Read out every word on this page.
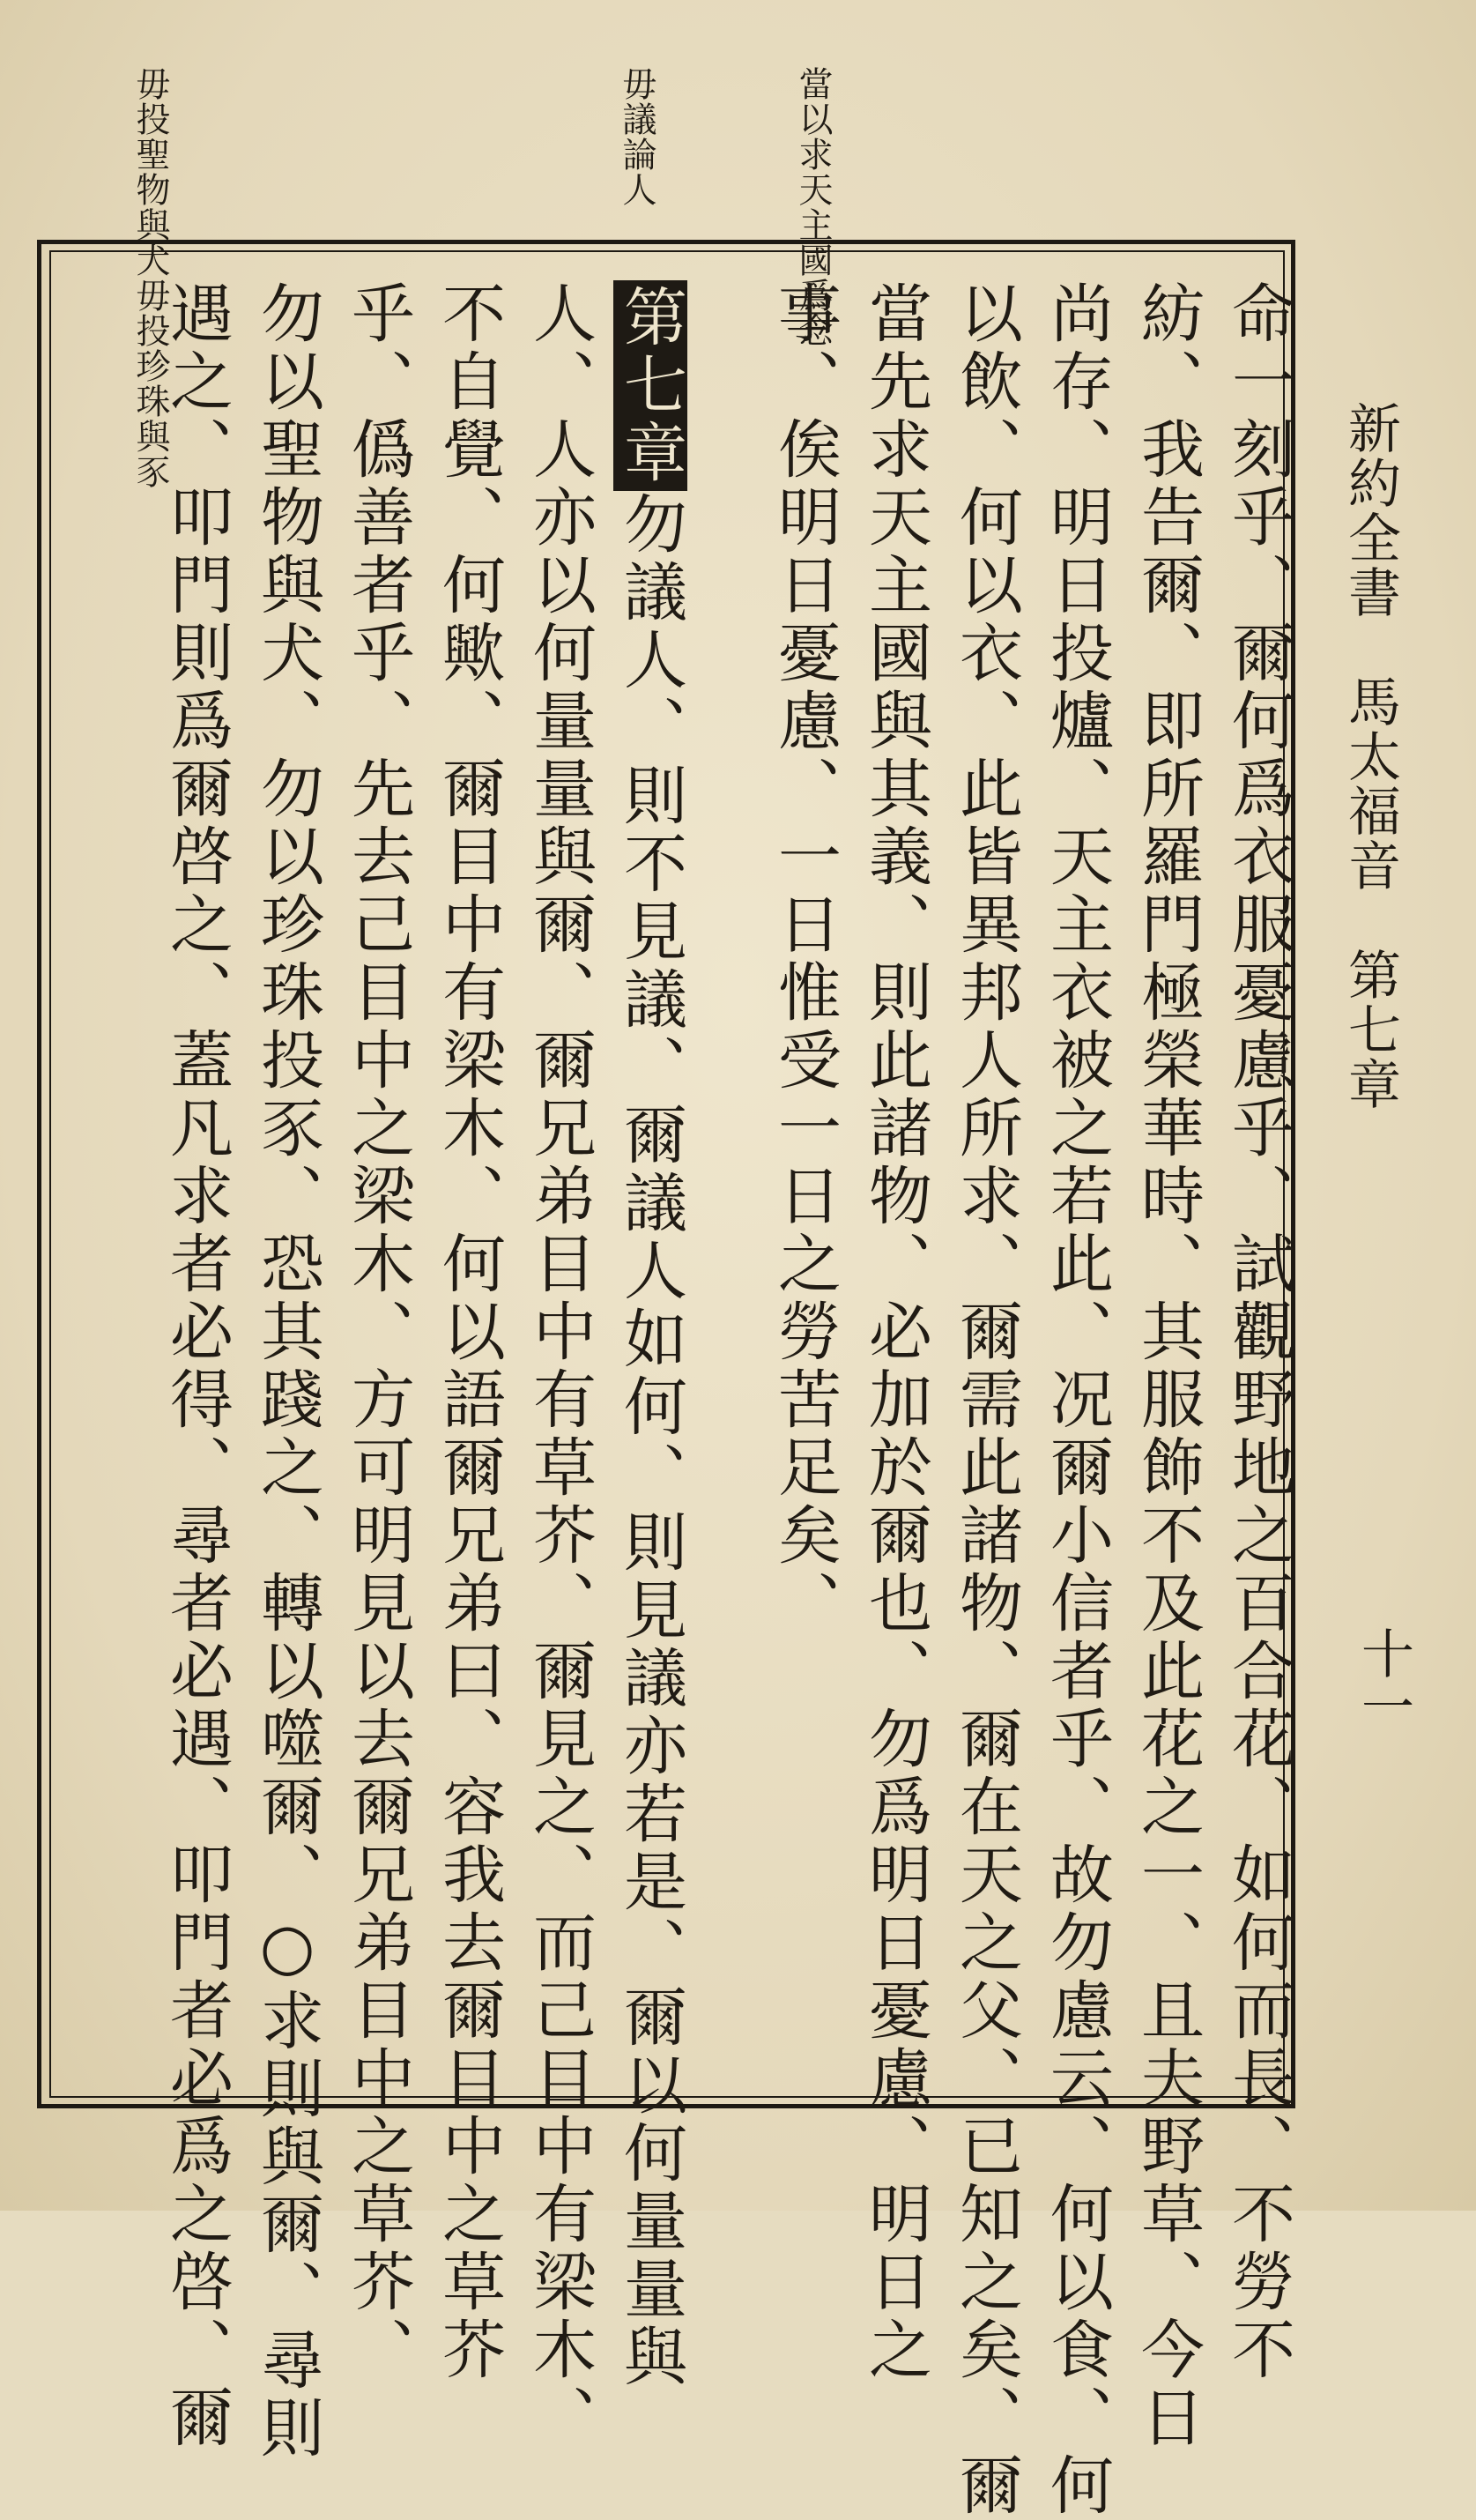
新約全書　馬太福音　第七章
十一
當以求天主國爲念
毋議論人
毋投聖物與犬毋投珍珠與豕
命一刻乎、爾何爲衣服憂慮乎、試觀野地之百合花、如何而長、不勞不
紡、我告爾、即所羅門極榮華時、其服飾不及此花之一、且夫野草、今日
尚存、明日投爐、天主衣被之若此、况爾小信者乎、故勿慮云、何以食、何
以飲、何以衣、此皆異邦人所求、爾需此諸物、爾在天之父、已知之矣、爾
當先求天主國與其義、則此諸物、必加於爾也、勿爲明日憂慮、明日之
事、俟明日憂慮、一日惟受一日之勞苦足矣、
第七章勿議人、則不見議、爾議人如何、則見議亦若是、爾以何量量與
人、人亦以何量量與爾、爾兄弟目中有草芥、爾見之、而己目中有梁木、
不自覺、何歟、爾目中有梁木、何以語爾兄弟曰、容我去爾目中之草芥
乎、僞善者乎、先去己目中之梁木、方可明見以去爾兄弟目中之草芥、
勿以聖物與犬、勿以珍珠投豕、恐其踐之、轉以噬爾、○求則與爾、尋則
遇之、叩門則爲爾啓之、蓋凡求者必得、尋者必遇、叩門者必爲之啓、爾
